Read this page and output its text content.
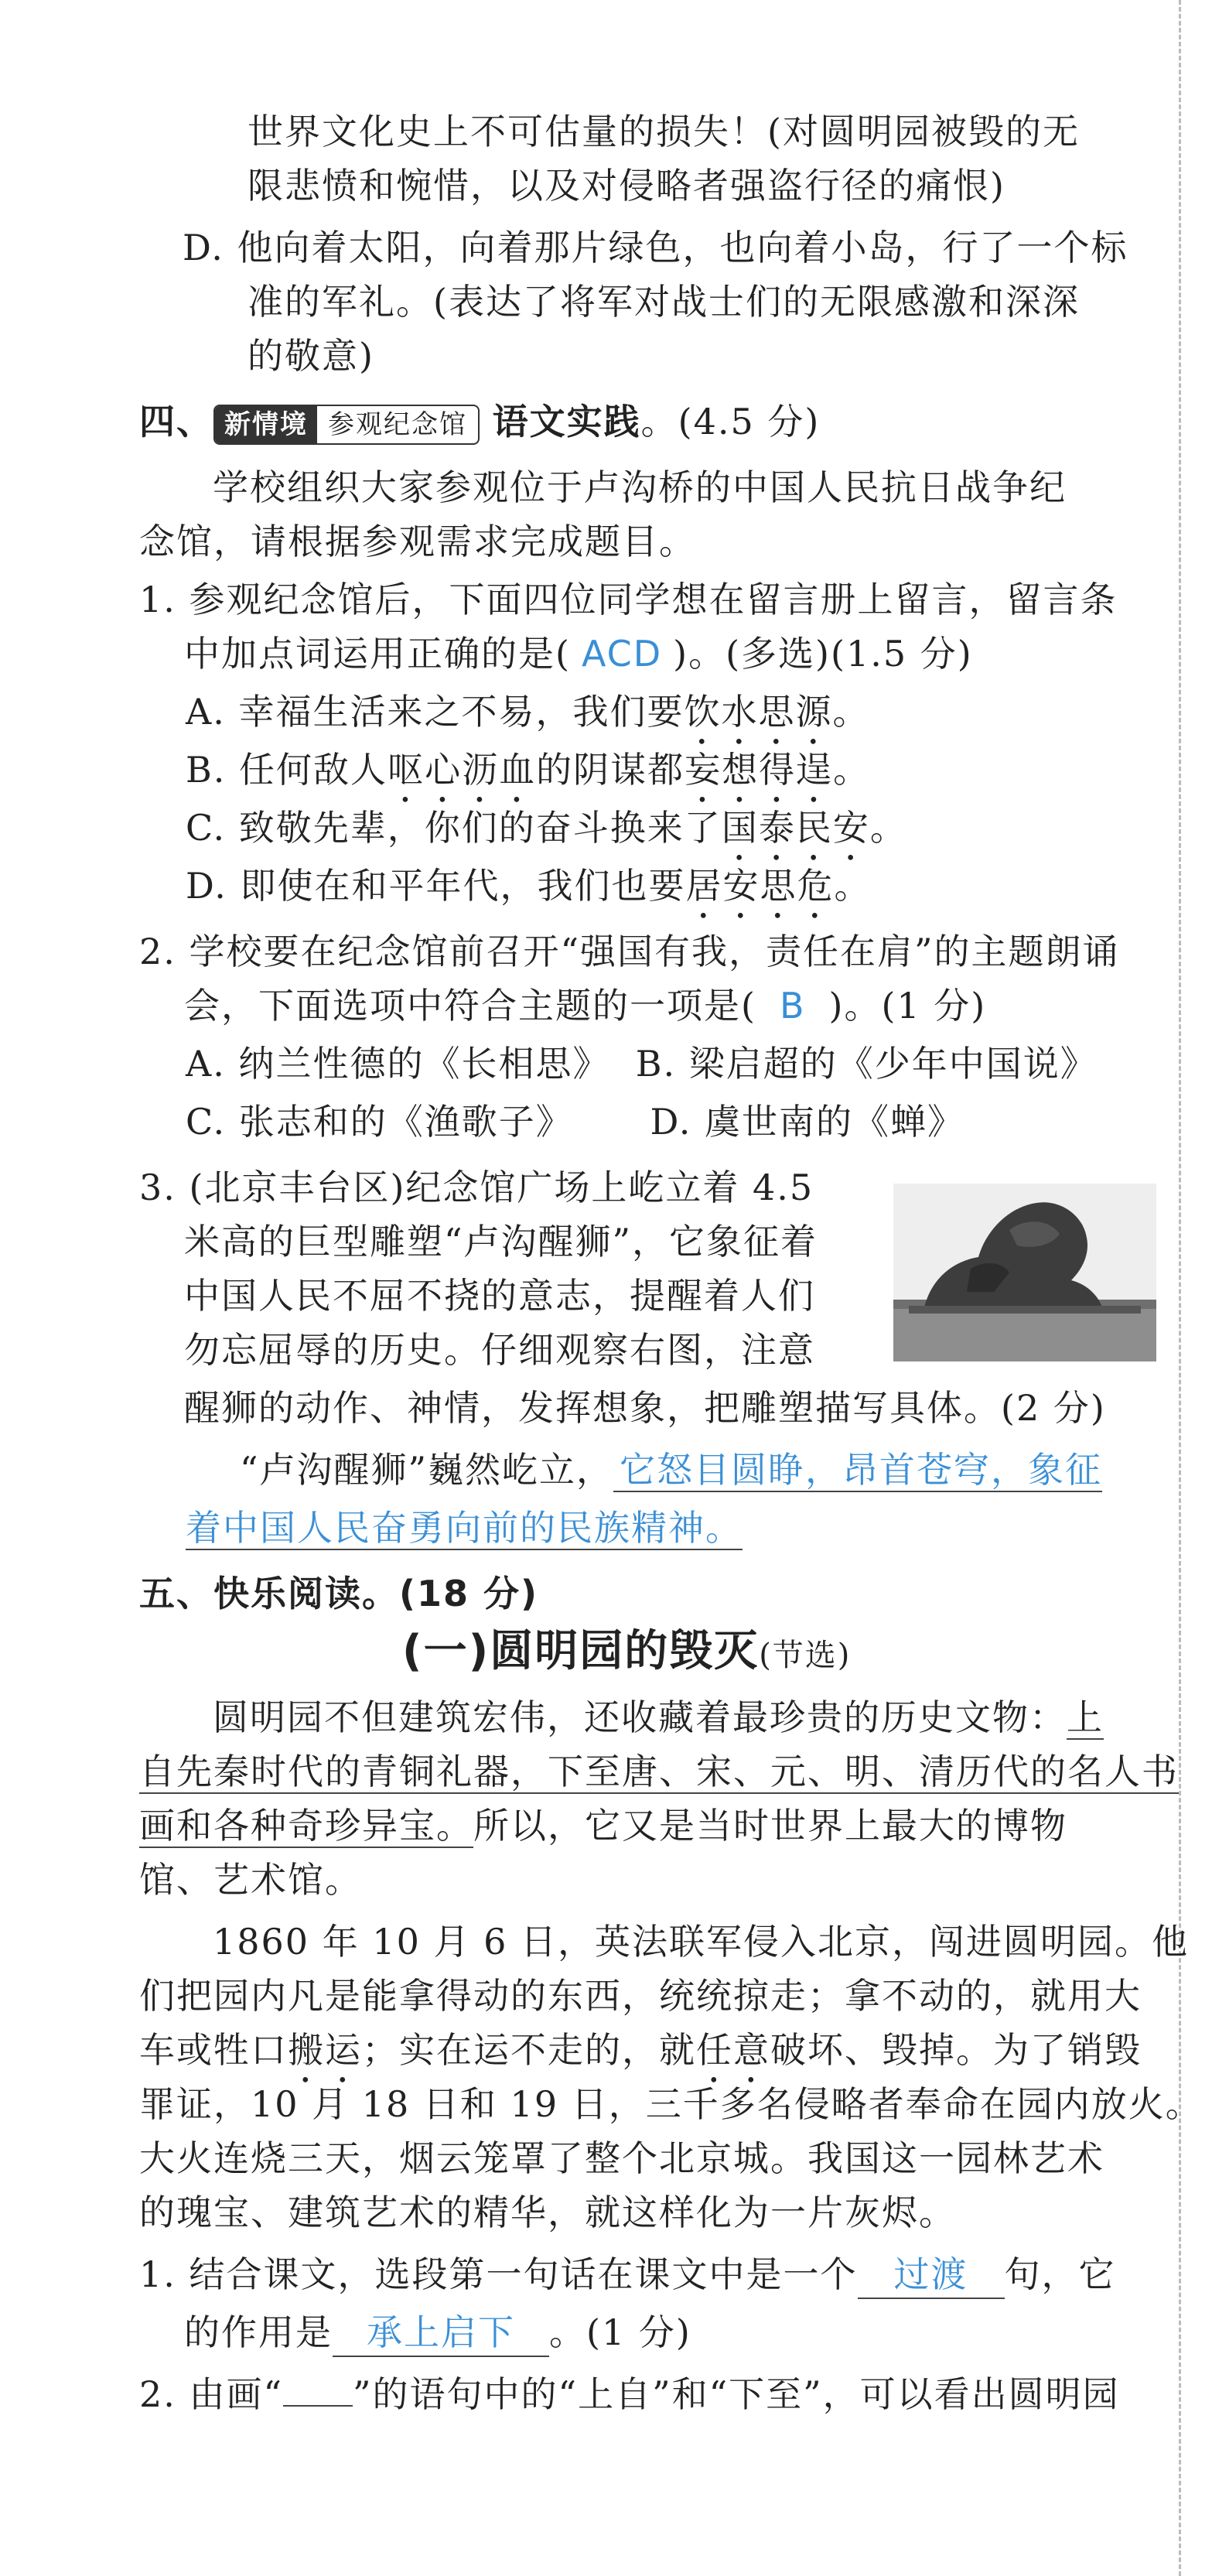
世界文化史上不可估量的损失！(对圆明园被毁的无
限悲愤和惋惜，以及对侵略者强盗行径的痛恨)
D. 他向着太阳，向着那片绿色，也向着小岛，行了一个标
准的军礼。(表达了将军对战士们的无限感激和深深
的敬意)
四、 新情境 参观纪念馆 语文实践。(4.5 分)
学校组织大家参观位于卢沟桥的中国人民抗日战争纪
念馆，请根据参观需求完成题目。
1. 参观纪念馆后，下面四位同学想在留言册上留言，留言条
中加点词运用正确的是( ACD )。(多选)(1.5 分)
A. 幸福生活来之不易，我们要饮水思源。
B. 任何敌人呕心沥血的阴谋都妄想得逞。
C. 致敬先辈，你们的奋斗换来了国泰民安。
D. 即使在和平年代，我们也要居安思危。
2. 学校要在纪念馆前召开“强国有我，责任在肩”的主题朗诵
会，下面选项中符合主题的一项是( B )。(1 分)
A. 纳兰性德的《长相思》  B. 梁启超的《少年中国说》
C. 张志和的《渔歌子》      D. 虞世南的《蝉》
3. (北京丰台区)纪念馆广场上屹立着 4.5
米高的巨型雕塑“卢沟醒狮”，它象征着
中国人民不屈不挠的意志，提醒着人们
勿忘屈辱的历史。仔细观察右图，注意
醒狮的动作、神情，发挥想象，把雕塑描写具体。(2 分)
“卢沟醒狮”巍然屹立， 它怒目圆睁，昂首苍穹，象征
着中国人民奋勇向前的民族精神。
五、快乐阅读。(18 分)
(一)圆明园的毁灭(节选)
圆明园不但建筑宏伟，还收藏着最珍贵的历史文物：上
自先秦时代的青铜礼器，下至唐、宋、元、明、清历代的名人书
画和各种奇珍异宝。所以，它又是当时世界上最大的博物
馆、艺术馆。
1860 年 10 月 6 日，英法联军侵入北京，闯进圆明园。他
们把园内凡是能拿得动的东西，统统掠走；拿不动的，就用大
车或牲口搬运；实在运不走的，就任意破坏、毁掉。为了销毁
罪证，10 月 18 日和 19 日，三千多名侵略者奉命在园内放火。
大火连烧三天，烟云笼罩了整个北京城。我国这一园林艺术
的瑰宝、建筑艺术的精华，就这样化为一片灰烬。
1. 结合课文，选段第一句话在课文中是一个 过渡 句，它
的作用是 承上启下 。(1 分)
2. 由画“ ”的语句中的“上自”和“下至”，可以看出圆明园
